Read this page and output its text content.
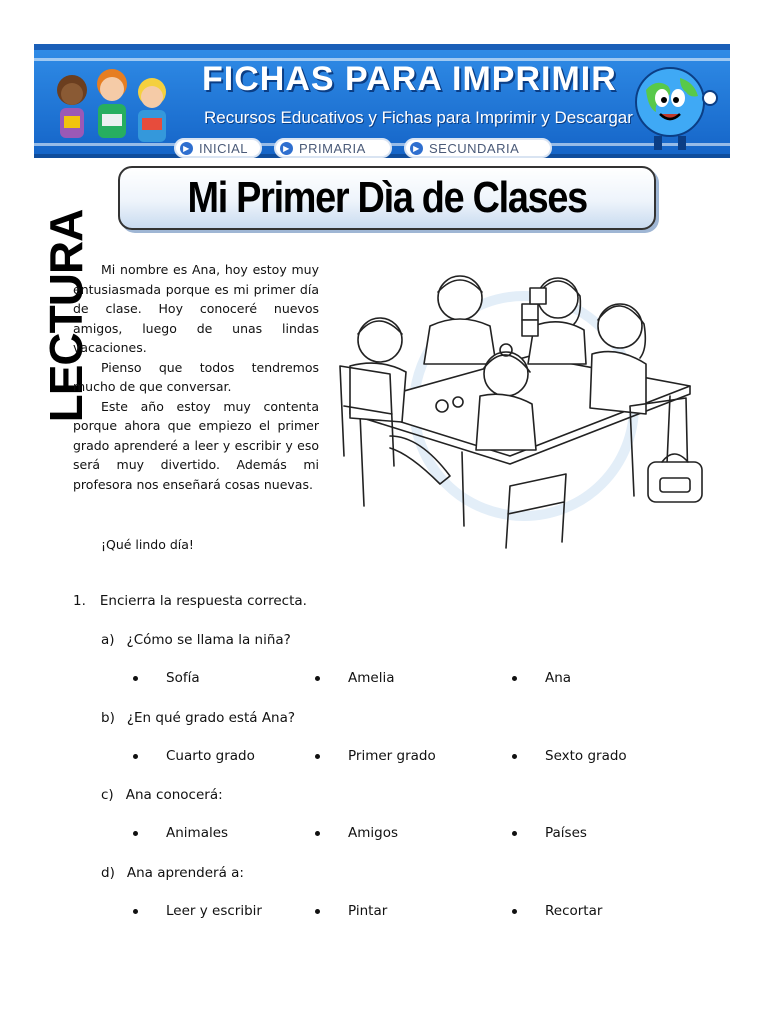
FICHAS PARA IMPRIMIR
Recursos Educativos y Fichas para Imprimir y Descargar
▶ INICIAL	▶ PRIMARIA	▶ SECUNDARIA
LECTURA
Mi Primer Dìa de Clases

Mi nombre es Ana, hoy estoy muy entusiasmada porque es mi primer día de clase. Hoy conoceré nuevos amigos, luego de unas lindas vacaciones.

Pienso que todos tendremos mucho de que conversar.

Este año estoy muy contenta porque ahora que empiezo el primer grado aprenderé a leer y escribir y eso será muy divertido. Además mi profesora nos enseñará cosas nuevas.

¡Qué lindo día!
1. Encierra la respuesta correcta.
a) ¿Cómo se llama la niña?
Sofía	Amelia	Ana
b) ¿En qué grado está Ana?
Cuarto grado	Primer grado	Sexto grado
c) Ana conocerá:
Animales	Amigos	Países
d) Ana aprenderá a:
Leer y escribir	Pintar	Recortar
